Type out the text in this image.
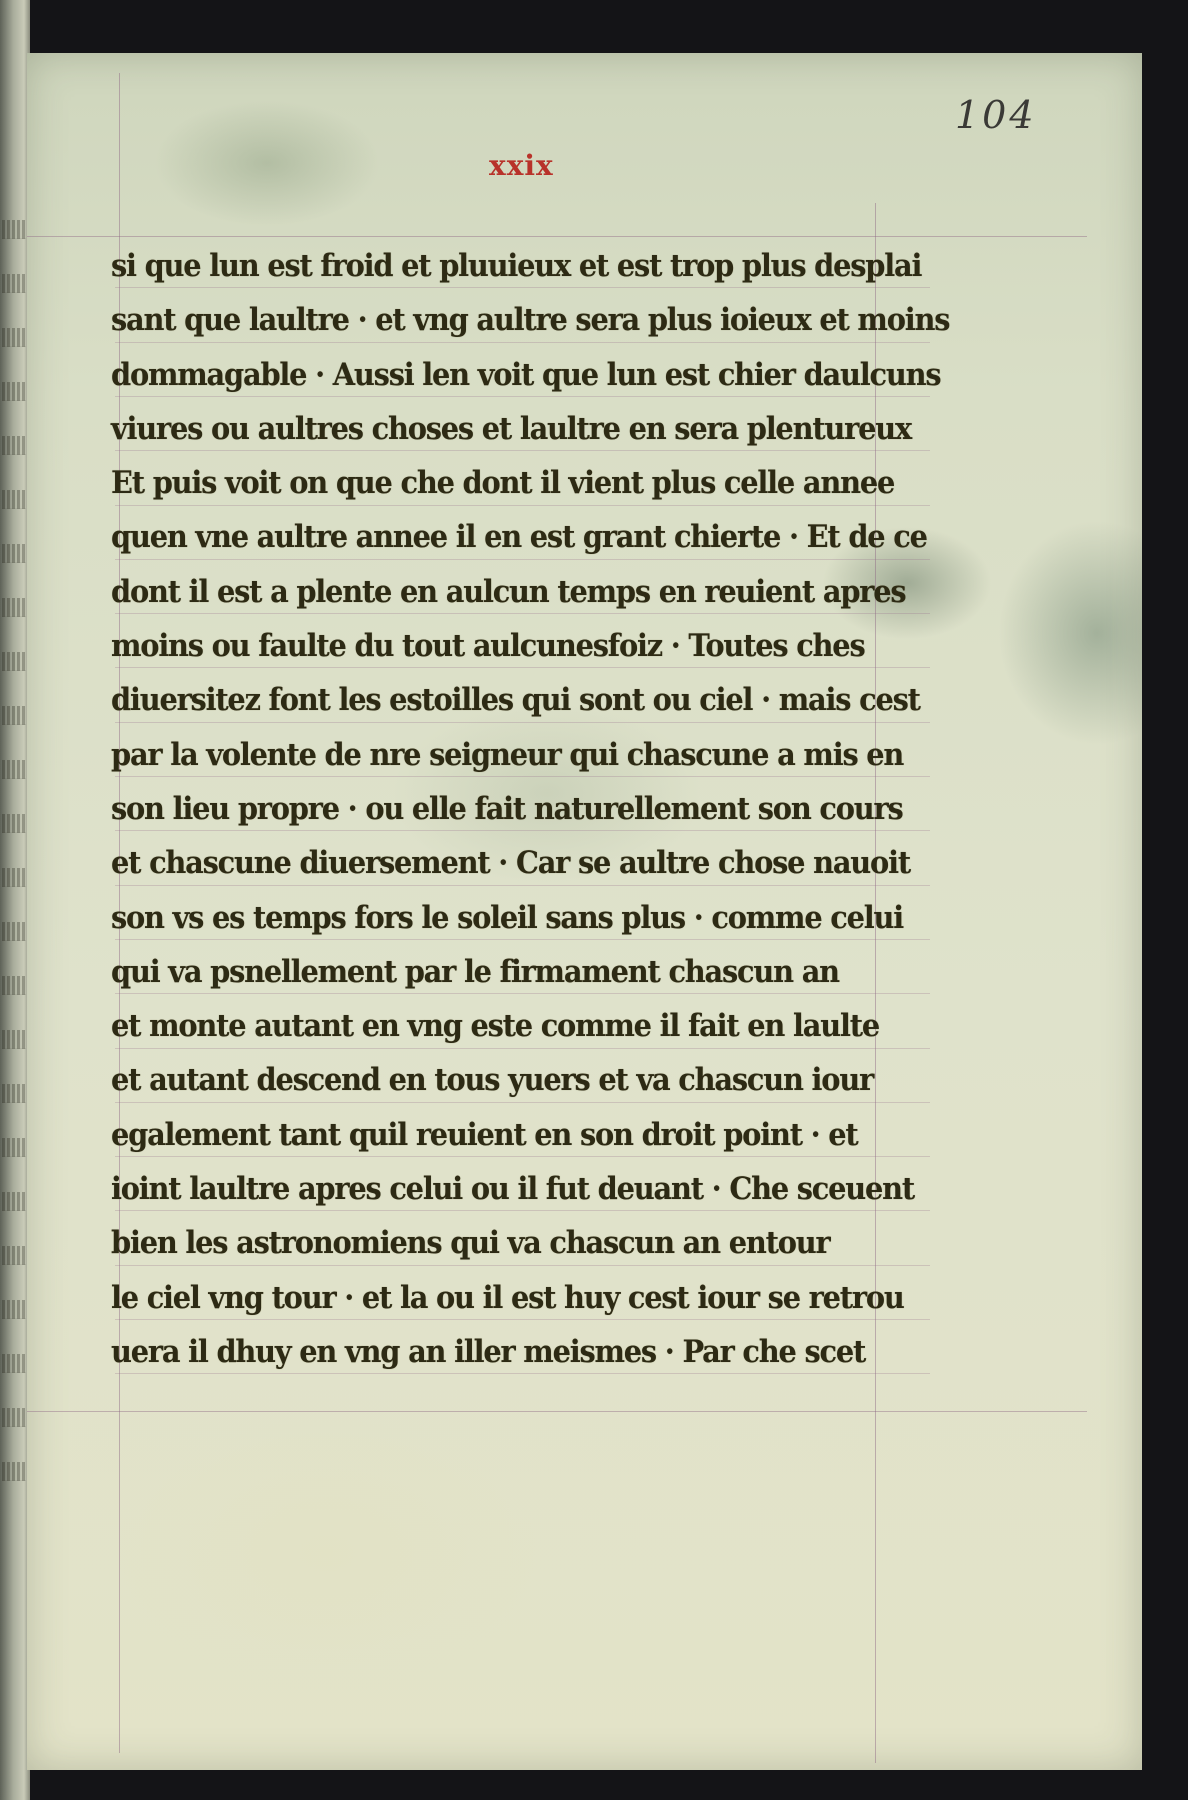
104

xxix

si que lun est froid et pluuieux et est trop plus desplai
sant que laultre · et vng aultre sera plus ioieux et moins
dommagable · Aussi len voit que lun est chier daulcuns
viures ou aultres choses et laultre en sera plentureux
Et puis voit on que che dont il vient plus celle annee
quen vne aultre annee il en est grant chierte · Et de ce
dont il est a plente en aulcun temps en reuient apres
moins ou faulte du tout aulcunesfoiz · Toutes ches
diuersitez font les estoilles qui sont ou ciel · mais cest
par la volente de nre seigneur qui chascune a mis en
son lieu propre · ou elle fait naturellement son cours
et chascune diuersement · Car se aultre chose nauoit
son vs es temps fors le soleil sans plus · comme celui
qui va psnellement par le firmament chascun an
et monte autant en vng este comme il fait en laulte
et autant descend en tous yuers et va chascun iour
egalement tant quil reuient en son droit point · et
ioint laultre apres celui ou il fut deuant · Che sceuent
bien les astronomiens qui va chascun an entour
le ciel vng tour · et la ou il est huy cest iour se retrou
uera il dhuy en vng an iller meismes · Par che scet
